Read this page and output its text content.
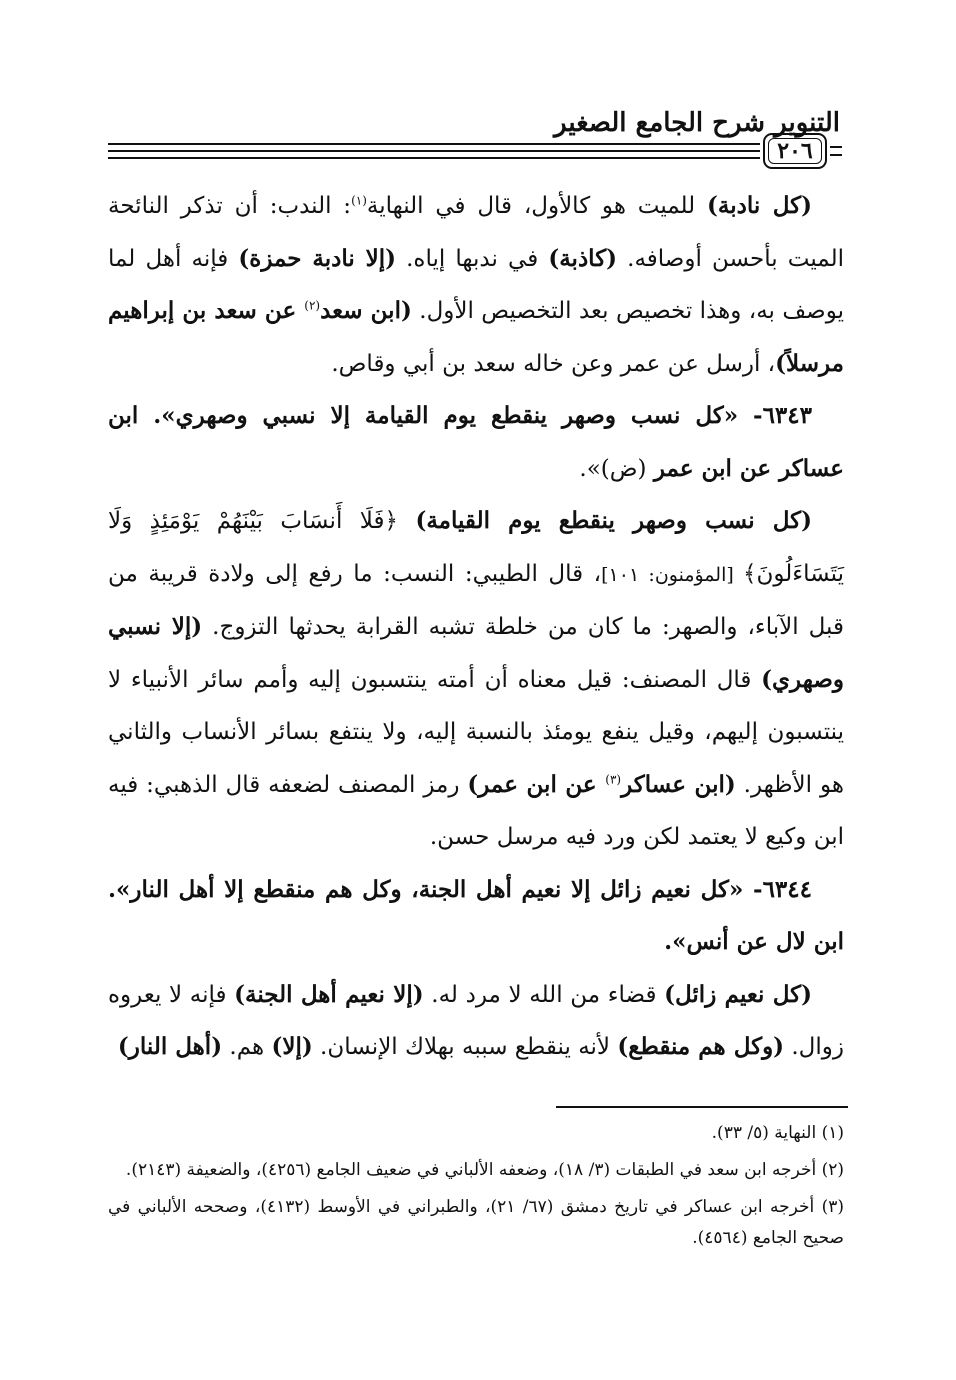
التنوير شرح الجامع الصغير
٢٠٦

(كل نادبة) للميت هو كالأول، قال في النهاية$^{(١)}$: الندب: أن تذكر النائحة الميت بأحسن أوصافه. (كاذبة) في ندبها إياه. (إلا نادبة حمزة) فإنه أهل لما يوصف به، وهذا تخصيص بعد التخصيص الأول. (ابن سعد$^{(٢)}$ عن سعد بن إبراهيم مرسلاً)، أرسل عن عمر وعن خاله سعد بن أبي وقاص.

٦٣٤٣- «كل نسب وصهر ينقطع يوم القيامة إلا نسبي وصهري». ابن عساكر عن ابن عمر (ض)».

(كل نسب وصهر ينقطع يوم القيامة) ﴿فَلَا أَنسَابَ بَيْنَهُمْ يَوْمَئِذٍ وَلَا يَتَسَاءَلُونَ﴾ [المؤمنون: ١٠١]، قال الطيبي: النسب: ما رفع إلى ولادة قريبة من قبل الآباء، والصهر: ما كان من خلطة تشبه القرابة يحدثها التزوج. (إلا نسبي وصهري) قال المصنف: قيل معناه أن أمته ينتسبون إليه وأمم سائر الأنبياء لا ينتسبون إليهم، وقيل ينفع يومئذ بالنسبة إليه، ولا ينتفع بسائر الأنساب والثاني هو الأظهر. (ابن عساكر$^{(٣)}$ عن ابن عمر) رمز المصنف لضعفه قال الذهبي: فيه ابن وكيع لا يعتمد لكن ورد فيه مرسل حسن.

٦٣٤٤- «كل نعيم زائل إلا نعيم أهل الجنة، وكل هم منقطع إلا أهل النار». ابن لال عن أنس».

(كل نعيم زائل) قضاء من الله لا مرد له. (إلا نعيم أهل الجنة) فإنه لا يعروه زوال. (وكل هم منقطع) لأنه ينقطع سببه بهلاك الإنسان. (إلا) هم. (أهل النار)

(١) النهاية (٥/ ٣٣).

(٢) أخرجه ابن سعد في الطبقات (٣/ ١٨)، وضعفه الألباني في ضعيف الجامع (٤٢٥٦)، والضعيفة (٢١٤٣).

(٣) أخرجه ابن عساكر في تاريخ دمشق (٦٧/ ٢١)، والطبراني في الأوسط (٤١٣٢)، وصححه الألباني في صحيح الجامع (٤٥٦٤).
